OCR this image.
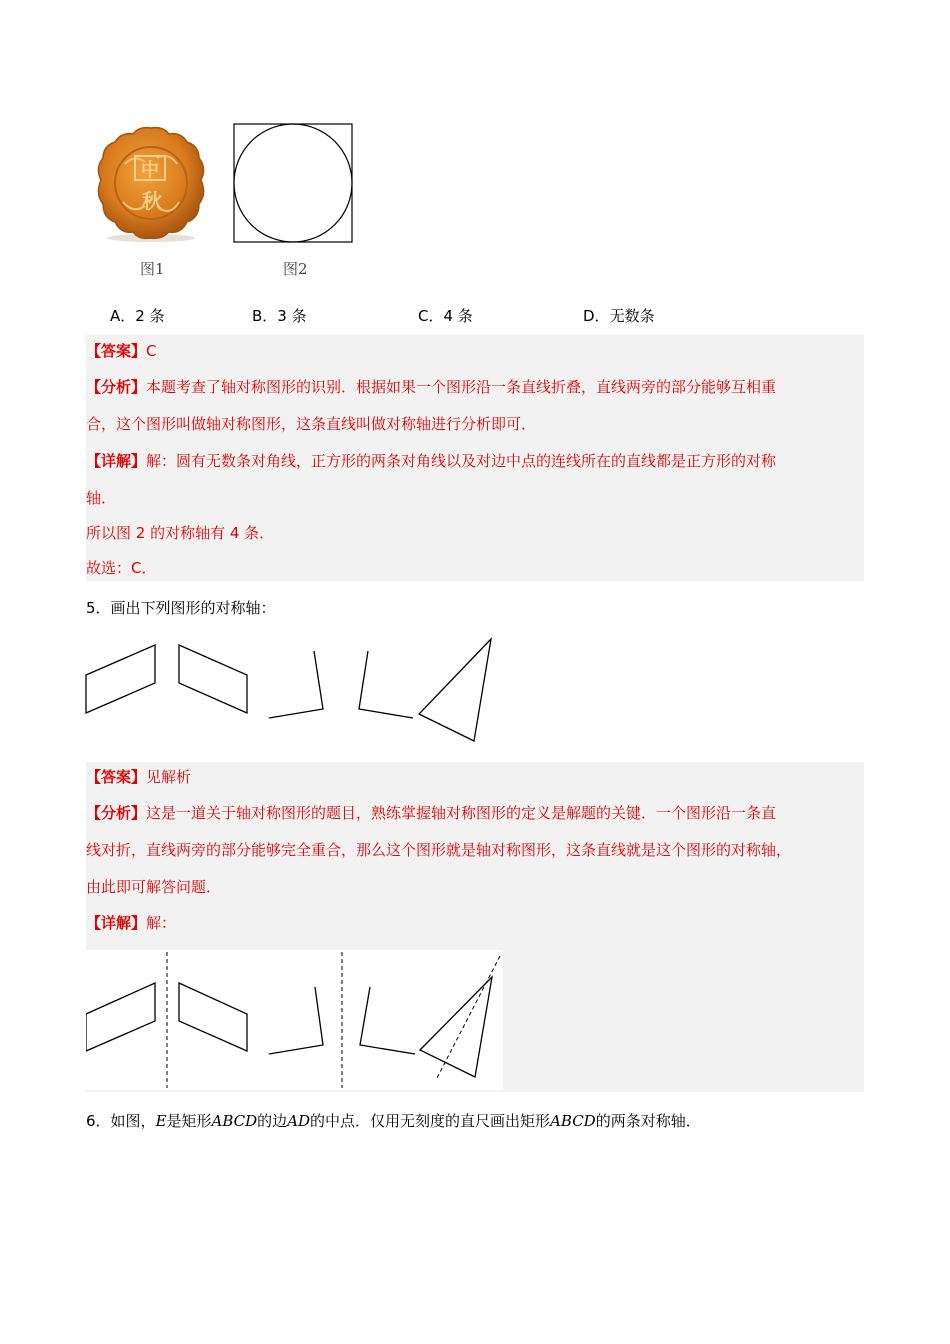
中
秋
图1	图2
A．2 条	B．3 条	C．4 条	D．无数条
【答案】C
【分析】本题考查了轴对称图形的识别．根据如果一个图形沿一条直线折叠，直线两旁的部分能够互相重
合，这个图形叫做轴对称图形，这条直线叫做对称轴进行分析即可．
【详解】解：圆有无数条对角线，正方形的两条对角线以及对边中点的连线所在的直线都是正方形的对称
轴．
所以图 2 的对称轴有 4 条．
故选：C．
5．画出下列图形的对称轴：
【答案】见解析
【分析】这是一道关于轴对称图形的题目，熟练掌握轴对称图形的定义是解题的关键．一个图形沿一条直
线对折，直线两旁的部分能够完全重合，那么这个图形就是轴对称图形，这条直线就是这个图形的对称轴，
由此即可解答问题．
【详解】解：
6．如图，E是矩形ABCD的边AD的中点．仅用无刻度的直尺画出矩形ABCD的两条对称轴．
